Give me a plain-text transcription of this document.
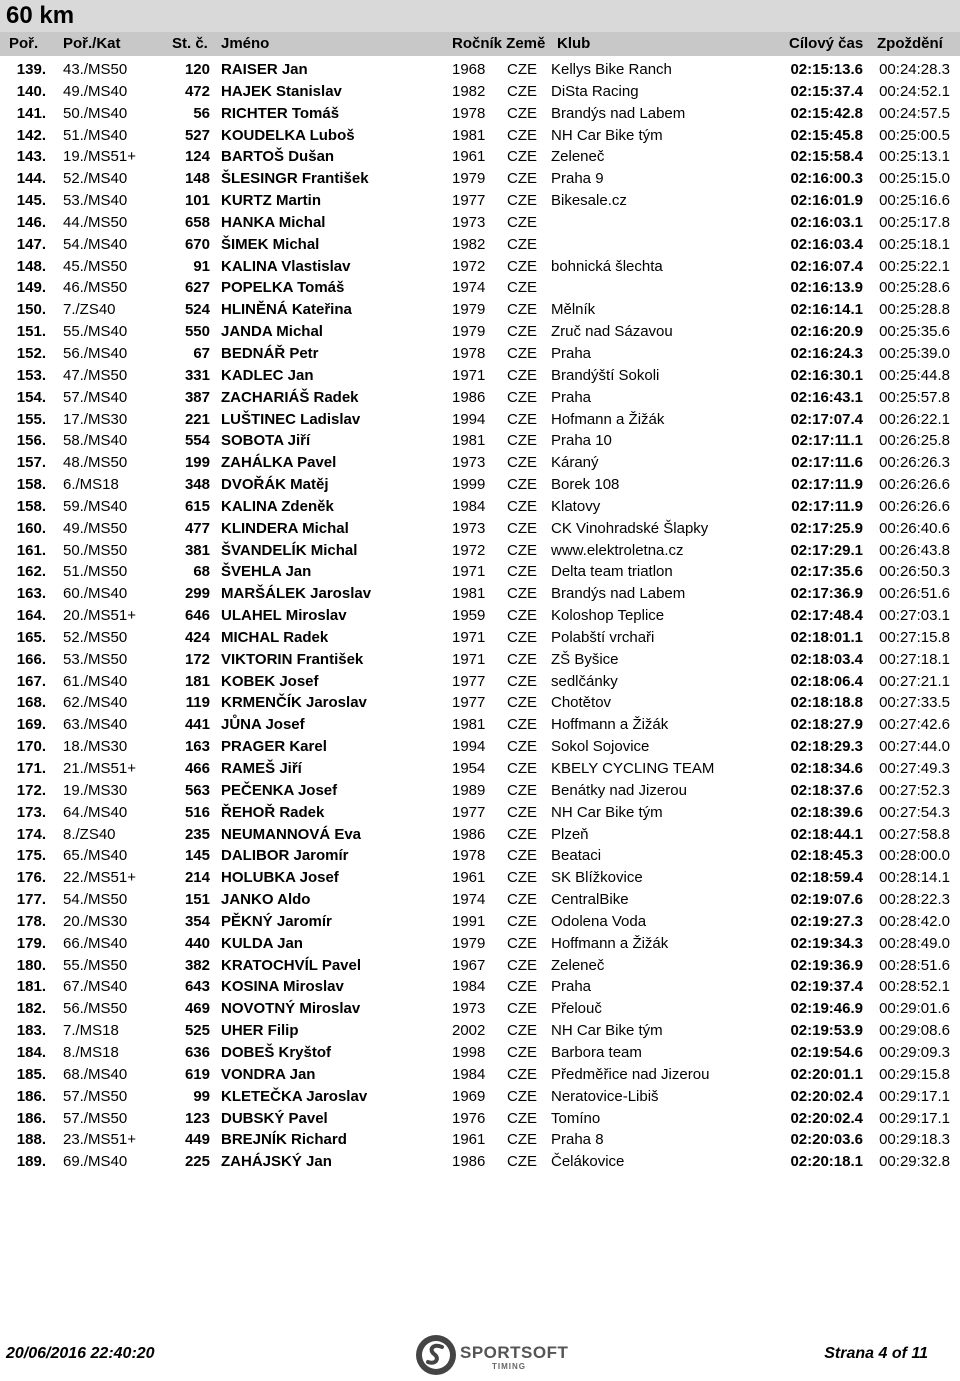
60 km
Poř. Poř./Kat	St. č. Jméno	Ročník Země Klub	Cílový čas Zpoždění
139. 43./MS50	120 RAISER Jan	1968 CZE Kellys Bike Ranch	02:15:13.6 00:24:28.3
140. 49./MS40	472 HAJEK Stanislav	1982 CZE DiSta Racing	02:15:37.4 00:24:52.1
141. 50./MS40	56 RICHTER Tomáš	1978 CZE Brandýs nad Labem	02:15:42.8 00:24:57.5
142. 51./MS40	527 KOUDELKA Luboš	1981 CZE NH Car Bike tým	02:15:45.8 00:25:00.5
143. 19./MS51+	124 BARTOŠ Dušan	1961 CZE Zeleneč	02:15:58.4 00:25:13.1
144. 52./MS40	148 ŠLESINGR František	1979 CZE Praha 9	02:16:00.3 00:25:15.0
145. 53./MS40	101 KURTZ Martin	1977 CZE Bikesale.cz	02:16:01.9 00:25:16.6
146. 44./MS50	658 HANKA Michal	1973 CZE	02:16:03.1 00:25:17.8
147. 54./MS40	670 ŠIMEK Michal	1982 CZE	02:16:03.4 00:25:18.1
148. 45./MS50	91 KALINA Vlastislav	1972 CZE bohnická šlechta	02:16:07.4 00:25:22.1
149. 46./MS50	627 POPELKA Tomáš	1974 CZE	02:16:13.9 00:25:28.6
150. 7./ZS40	524 HLINĚNÁ Kateřina	1979 CZE Mělník	02:16:14.1 00:25:28.8
151. 55./MS40	550 JANDA Michal	1979 CZE Zruč nad Sázavou	02:16:20.9 00:25:35.6
152. 56./MS40	67 BEDNÁŘ Petr	1978 CZE Praha	02:16:24.3 00:25:39.0
153. 47./MS50	331 KADLEC Jan	1971 CZE Brandýští Sokoli	02:16:30.1 00:25:44.8
154. 57./MS40	387 ZACHARIÁŠ Radek	1986 CZE Praha	02:16:43.1 00:25:57.8
155. 17./MS30	221 LUŠTINEC Ladislav	1994 CZE Hofmann a Žižák	02:17:07.4 00:26:22.1
156. 58./MS40	554 SOBOTA Jiří	1981 CZE Praha 10	02:17:11.1 00:26:25.8
157. 48./MS50	199 ZAHÁLKA Pavel	1973 CZE Káraný	02:17:11.6 00:26:26.3
158. 6./MS18	348 DVOŘÁK Matěj	1999 CZE Borek 108	02:17:11.9 00:26:26.6
158. 59./MS40	615 KALINA Zdeněk	1984 CZE Klatovy	02:17:11.9 00:26:26.6
160. 49./MS50	477 KLINDERA Michal	1973 CZE CK Vinohradské Šlapky	02:17:25.9 00:26:40.6
161. 50./MS50	381 ŠVANDELÍK Michal	1972 CZE www.elektroletna.cz	02:17:29.1 00:26:43.8
162. 51./MS50	68 ŠVEHLA Jan	1971 CZE Delta team triatlon	02:17:35.6 00:26:50.3
163. 60./MS40	299 MARŠÁLEK Jaroslav	1981 CZE Brandýs nad Labem	02:17:36.9 00:26:51.6
164. 20./MS51+	646 ULAHEL Miroslav	1959 CZE Koloshop Teplice	02:17:48.4 00:27:03.1
165. 52./MS50	424 MICHAL Radek	1971 CZE Polabští vrchaři	02:18:01.1 00:27:15.8
166. 53./MS50	172 VIKTORIN František	1971 CZE ZŠ Byšice	02:18:03.4 00:27:18.1
167. 61./MS40	181 KOBEK Josef	1977 CZE sedlčánky	02:18:06.4 00:27:21.1
168. 62./MS40	119 KRMENČÍK Jaroslav	1977 CZE Chotětov	02:18:18.8 00:27:33.5
169. 63./MS40	441 JŮNA Josef	1981 CZE Hoffmann a Žižák	02:18:27.9 00:27:42.6
170. 18./MS30	163 PRAGER Karel	1994 CZE Sokol Sojovice	02:18:29.3 00:27:44.0
171. 21./MS51+	466 RAMEŠ Jiří	1954 CZE KBELY CYCLING TEAM	02:18:34.6 00:27:49.3
172. 19./MS30	563 PEČENKA Josef	1989 CZE Benátky nad Jizerou	02:18:37.6 00:27:52.3
173. 64./MS40	516 ŘEHOŘ Radek	1977 CZE NH Car Bike tým	02:18:39.6 00:27:54.3
174. 8./ZS40	235 NEUMANNOVÁ Eva	1986 CZE Plzeň	02:18:44.1 00:27:58.8
175. 65./MS40	145 DALIBOR Jaromír	1978 CZE Beataci	02:18:45.3 00:28:00.0
176. 22./MS51+	214 HOLUBKA Josef	1961 CZE SK Blížkovice	02:18:59.4 00:28:14.1
177. 54./MS50	151 JANKO Aldo	1974 CZE CentralBike	02:19:07.6 00:28:22.3
178. 20./MS30	354 PĚKNÝ Jaromír	1991 CZE Odolena Voda	02:19:27.3 00:28:42.0
179. 66./MS40	440 KULDA Jan	1979 CZE Hoffmann a Žižák	02:19:34.3 00:28:49.0
180. 55./MS50	382 KRATOCHVÍL Pavel	1967 CZE Zeleneč	02:19:36.9 00:28:51.6
181. 67./MS40	643 KOSINA Miroslav	1984 CZE Praha	02:19:37.4 00:28:52.1
182. 56./MS50	469 NOVOTNÝ Miroslav	1973 CZE Přelouč	02:19:46.9 00:29:01.6
183. 7./MS18	525 UHER Filip	2002 CZE NH Car Bike tým	02:19:53.9 00:29:08.6
184. 8./MS18	636 DOBEŠ Kryštof	1998 CZE Barbora team	02:19:54.6 00:29:09.3
185. 68./MS40	619 VONDRA Jan	1984 CZE Předměřice nad Jizerou	02:20:01.1 00:29:15.8
186. 57./MS50	99 KLETEČKA Jaroslav	1969 CZE Neratovice-Libiš	02:20:02.4 00:29:17.1
186. 57./MS50	123 DUBSKÝ Pavel	1976 CZE Tomíno	02:20:02.4 00:29:17.1
188. 23./MS51+	449 BREJNÍK Richard	1961 CZE Praha 8	02:20:03.6 00:29:18.3
189. 69./MS40	225 ZAHÁJSKÝ Jan	1986 CZE Čelákovice	02:20:18.1 00:29:32.8
20/06/2016 22:40:20	SPORTSOFT
TIMING
Strana 4 of 11
